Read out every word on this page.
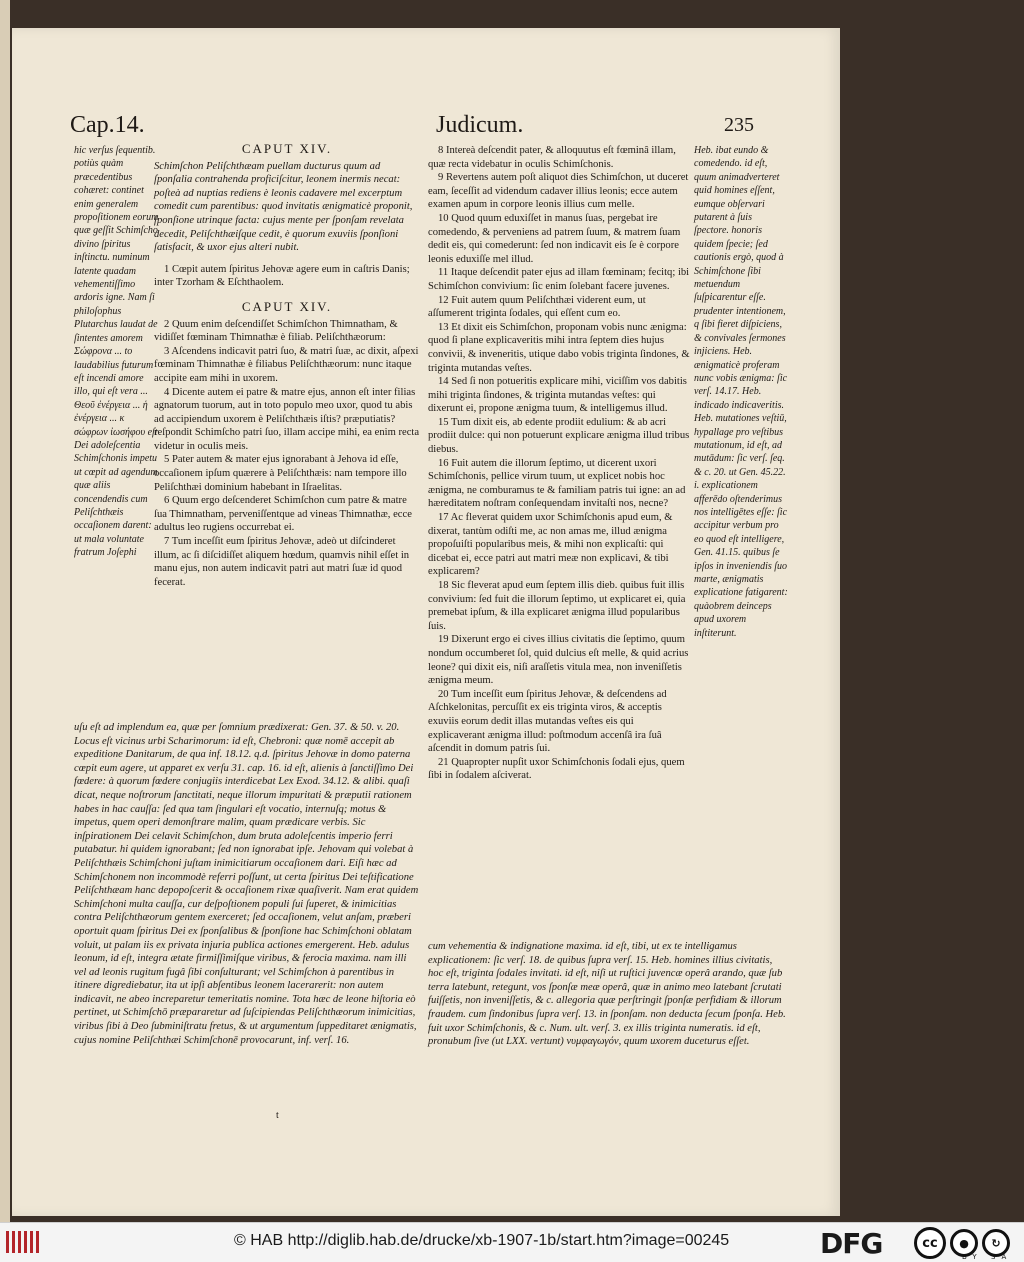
Cap.14.	Judicum.	235

hic verſus ſequentib. potiùs quàm præcedentibus cohæret: continet enim generalem propoſitionem eorum quæ geſſit Schimſcho divino ſpiritus inſtinctu. numinum latente quadam vehementiſſimo ardoris igne. Nam ſi philoſophus Plutarchus laudat de ſintentes amorem Σώφρονα ... to laudabilius futurum eſt incendi amore illo, qui eſt vera ... Θεοῦ ἐνέργεια ... ἡ ἐνέργεια ... κ σώφρων ἰωσήφου eſt Dei adoleſcentia Schimſchonis impetu ut cœpit ad agendum quæ aliis concendendis cum Peliſchthæis occaſionem darent: ut mala voluntate fratrum Joſephi

CAPUT XIV.

Schimſchon Peliſchthæam puellam ducturus quum ad ſponſalia contrahenda proficiſcitur, leonem inermis necat: poſteà ad nuptias rediens è leonis cadavere mel excerptum comedit cum parentibus: quod invitatis ænigmaticè proponit, ſponſione utrinque facta: cujus mente per ſponſam revelata decedit, Peliſchthæiſque cedit, è quorum exuviis ſponſioni ſatisfacit, & uxor ejus alteri nubit.

1 Cœpit autem ſpiritus Jehovæ agere eum in caſtris Danis; inter Tzorham & Eſchthaolem.

CAPUT XIV.

2 Quum enim deſcendiſſet Schimſchon Thimnatham, & vidiſſet fœminam Thimnathæ è filiab. Peliſchthæorum:

3 Aſcendens indicavit patri ſuo, & matri ſuæ, ac dixit, aſpexi fœminam Thimnathæ è filiabus Peliſchthæorum: nunc itaque accipite eam mihi in uxorem.

4 Dicente autem ei patre & matre ejus, annon eſt inter filias agnatorum tuorum, aut in toto populo meo uxor, quod tu abis ad accipiendum uxorem è Peliſchthæis iſtis? præputiatis? reſpondit Schimſcho patri ſuo, illam accipe mihi, ea enim recta videtur in oculis meis.

5 Pater autem & mater ejus ignorabant à Jehova id eſſe, occaſionem ipſum quærere à Peliſchthæis: nam tempore illo Peliſchthæi dominium habebant in Iſraelitas.

6 Quum ergo deſcenderet Schimſchon cum patre & matre ſua Thimnatham, perveniſſentque ad vineas Thimnathæ, ecce adultus leo rugiens occurrebat ei.

7 Tum inceſſit eum ſpiritus Jehovæ, adeò ut diſcinderet illum, ac ſi diſcidiſſet aliquem hœdum, quamvis nihil eſſet in manu ejus, non autem indicavit patri aut matri ſuæ id quod fecerat.

8 Intereà deſcendit pater, & alloquutus eſt fœminâ illam, quæ recta videbatur in oculis Schimſchonis.

9 Revertens autem poſt aliquot dies Schimſchon, ut duceret eam, ſeceſſit ad videndum cadaver illius leonis; ecce autem examen apum in corpore leonis illius cum melle.

10 Quod quum eduxiſſet in manus ſuas, pergebat ire comedendo, & perveniens ad patrem ſuum, & matrem ſuam dedit eis, qui comederunt: ſed non indicavit eis ſe è corpore leonis eduxiſſe mel illud.

11 Itaque deſcendit pater ejus ad illam fœminam; fecitq; ibi Schimſchon convivium: ſic enim ſolebant facere juvenes.

12 Fuit autem quum Peliſchthæi viderent eum, ut aſſumerent triginta ſodales, qui eſſent cum eo.

13 Et dixit eis Schimſchon, proponam vobis nunc ænigma: quod ſi plane explicaveritis mihi intra ſeptem dies hujus convivii, & inveneritis, utique dabo vobis triginta ſindones, & triginta mutandas veſtes.

14 Sed ſi non potueritis explicare mihi, viciſſim vos dabitis mihi triginta ſindones, & triginta mutandas veſtes: qui dixerunt ei, propone ænigma tuum, & intelligemus illud.

15 Tum dixit eis, ab edente prodiit edulium: & ab acri prodiit dulce: qui non potuerunt explicare ænigma illud tribus diebus.

16 Fuit autem die illorum ſeptimo, ut dicerent uxori Schimſchonis, pellice virum tuum, ut explicet nobis hoc ænigma, ne comburamus te & familiam patris tui igne: an ad hæreditatem noſtram conſequendam invitaſti nos, necne?

17 Ac fleverat quidem uxor Schimſchonis apud eum, & dixerat, tantùm odiſti me, ac non amas me, illud ænigma propoſuiſti popularibus meis, & mihi non explicaſti: qui dicebat ei, ecce patri aut matri meæ non explicavi, & tibi explicarem?

18 Sic fleverat apud eum ſeptem illis dieb. quibus fuit illis convivium: ſed fuit die illorum ſeptimo, ut explicaret ei, quia premebat ipſum, & illa explicaret ænigma illud popularibus ſuis.

19 Dixerunt ergo ei cives illius civitatis die ſeptimo, quum nondum occumberet ſol, quid dulcius eſt melle, & quid acrius leone? qui dixit eis, niſi araſſetis vitula mea, non inveniſſetis ænigma meum.

20 Tum inceſſit eum ſpiritus Jehovæ, & deſcendens ad Aſchkelonitas, percuſſit ex eis triginta viros, & acceptis exuviis eorum dedit illas mutandas veſtes eis qui explicaverant ænigma illud: poſtmodum accenſâ ira ſuâ aſcendit in domum patris ſui.

21 Quapropter nupſit uxor Schimſchonis ſodali ejus, quem ſibi in ſodalem aſciverat.

Heb. ibat eundo & comedendo. id eſt, quum animadverteret quid homines eſſent, eumque obſervari putarent à ſuis ſpectore. honoris quidem ſpecie; ſed cautionis ergò, quod à Schimſchone ſibi metuendum ſuſpicarentur eſſe. prudenter intentionem, q ſibi fieret diſpiciens, & convivales ſermones injiciens. Heb. ænigmaticè proferam nunc vobis ænigma: ſic verſ. 14.17. Heb. indicado indicaveritis. Heb. mutationes veſtiū, hypallage pro veſtibus mutationum, id eſt, ad mutādum: ſic verſ. ſeq. & c. 20. ut Gen. 45.22. i. explicationem afferēdo oſtenderimus nos intelligētes eſſe: ſic accipitur verbum pro eo quod eſt intelligere, Gen. 41.15. quibus ſe ipſos in inveniendis ſuo marte, ænigmatis explicatione fatigarent: quàobrem deinceps apud uxorem inſtiterunt.

uſu eſt ad implendum ea, quæ per ſomnium prædixerat: Gen. 37. & 50. v. 20. Locus eſt vicinus urbi Scharimorum: id eſt, Chebroni: quæ nomē accepit ab expeditione Danitarum, de qua inf. 18.12. q.d. ſpiritus Jehovæ in domo paterna cœpit eum agere, ut apparet ex verſu 31. cap. 16. id eſt, alienis à ſanctiſſimo Dei fœdere: à quorum fœdere conjugiis interdicebat Lex Exod. 34.12. & alibi. quaſi dicat, neque noſtrorum ſanctitati, neque illorum impuritati & præputii rationem habes in hac cauſſa: ſed qua tam ſingulari eſt vocatio, internuſq; motus & impetus, quem operi demonſtrare malim, quam prædicare verbis. Sic inſpirationem Dei celavit Schimſchon, dum bruta adoleſcentis imperio ferri putabatur. hi quidem ignorabant; ſed non ignorabat ipſe. Jehovam qui volebat à Peliſchthæis Schimſchoni juſtam inimicitiarum occaſionem dari. Eiſi hæc ad Schimſchonem non incommodè referri poſſunt, ut certa ſpiritus Dei teſtificatione Peliſchthæam hanc depopoſcerit & occaſionem rixæ quaſiverit. Nam erat quidem Schimſchoni multa cauſſa, cur deſpoſtionem populi ſui ſuperet, & inimicitias contra Peliſchthæorum gentem exerceret; ſed occaſionem, velut anſam, præberi oportuit quam ſpiritus Dei ex ſponſalibus & ſponſione hac Schimſchoni oblatam voluit, ut palam iis ex privata injuria publica actiones emergerent. Heb. adulus leonum, id eſt, integra ætate firmiſſimiſque viribus, & ferocia maxima. nam illi vel ad leonis rugitum fugâ ſibi conſulturant; vel Schimſchon à parentibus in itinere digrediebatur, ita ut ipſi abſentibus leonem lacerarerit: non autem indicavit, ne abeo increparetur temeritatis nomine. Tota hæc de leone hiſtoria eò pertinet, ut Schimſchō præpararetur ad ſuſcipiendas Peliſchthæorum inimicitias, viribus ſibi à Deo ſubminiſtratu fretus, & ut argumentum ſuppeditaret ænigmatis, cujus nomine Peliſchthæi Schimſchonē provocarunt, inf. verſ. 16.

cum vehementia & indignatione maxima. id eſt, tibi, ut ex te intelligamus explicationem: ſic verſ. 18. de quibus ſupra verſ. 15. Heb. homines illius civitatis, hoc eſt, triginta ſodales invitati. id eſt, niſi ut ruſtici juvencæ operâ arando, quæ ſub terra latebunt, retegunt, vos ſponſæ meæ operâ, quæ in animo meo latebant ſcrutati fuiſſetis, non inveniſſetis, & c. allegoria quæ perſtringit ſponſæ perfidiam & illorum fraudem. cum ſindonibus ſupra verſ. 13. in ſponſam. non deducta ſecum ſponſa. Heb. fuit uxor Schimſchonis, & c. Num. ult. verſ. 3. ex illis triginta numeratis. id eſt, pronubum ſive (ut LXX. vertunt) νυμφαγωγόν, quum uxorem duceturus eſſet.

t
© HAB http://diglib.hab.de/drucke/xb-1907-1b/start.htm?image=00245	DFG	cc	●	↻
BY SA
